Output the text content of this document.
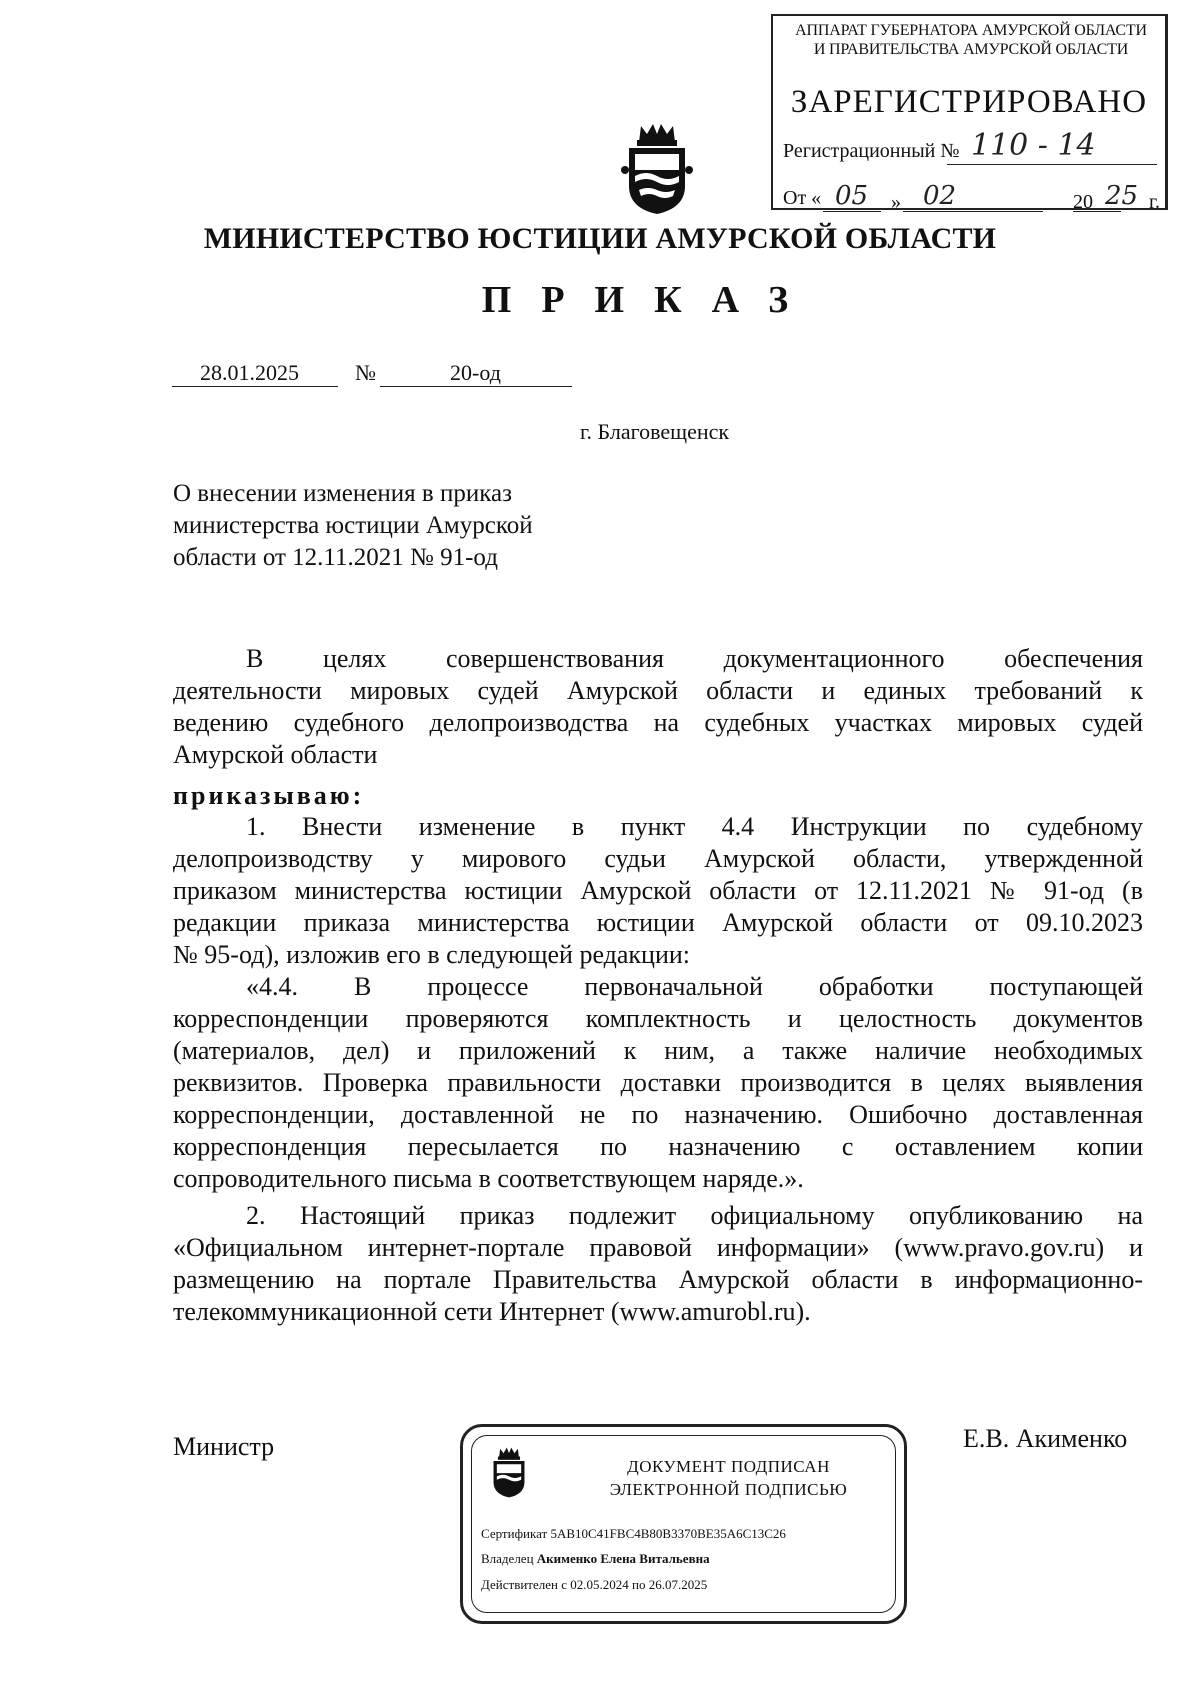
АППАРАТ ГУБЕРНАТОРА АМУРСКОЙ ОБЛАСТИ
И ПРАВИТЕЛЬСТВА АМУРСКОЙ ОБЛАСТИ
ЗАРЕГИСТРИРОВАНО
Регистрационный № 110 - 14
От « 05 » 02	20 25 г.
МИНИСТЕРСТВО ЮСТИЦИИ АМУРСКОЙ ОБЛАСТИ
ПРИКАЗ
28.01.2025	№	20-од
г. Благовещенск
О внесении изменения в приказ
министерства юстиции Амурской
области от 12.11.2021 № 91-од
В целях совершенствования документационного обеспечения
деятельности мировых судей Амурской области и единых требований к
ведению судебного делопроизводства на судебных участках мировых судей
Амурской области
приказываю:
1. Внести изменение в пункт 4.4 Инструкции по судебному
делопроизводству у мирового судьи Амурской области, утвержденной
приказом министерства юстиции Амурской области от 12.11.2021 № 91-од (в
редакции приказа министерства юстиции Амурской области от 09.10.2023
№ 95-од), изложив его в следующей редакции:
«4.4. В процессе первоначальной обработки поступающей
корреспонденции проверяются комплектность и целостность документов
(материалов, дел) и приложений к ним, а также наличие необходимых
реквизитов. Проверка правильности доставки производится в целях выявления
корреспонденции, доставленной не по назначению. Ошибочно доставленная
корреспонденция пересылается по назначению с оставлением копии
сопроводительного письма в соответствующем наряде.».
2. Настоящий приказ подлежит официальному опубликованию на
«Официальном интернет-портале правовой информации» (www.pravo.gov.ru) и
размещению на портале Правительства Амурской области в информационно-
телекоммуникационной сети Интернет (www.amurobl.ru).
Министр	Е.В. Акименко
ДОКУМЕНТ ПОДПИСАН
ЭЛЕКТРОННОЙ ПОДПИСЬЮ
Сертификат 5AB10C41FBC4B80B3370BE35A6C13C26
Владелец Акименко Елена Витальевна
Действителен с 02.05.2024 по 26.07.2025
